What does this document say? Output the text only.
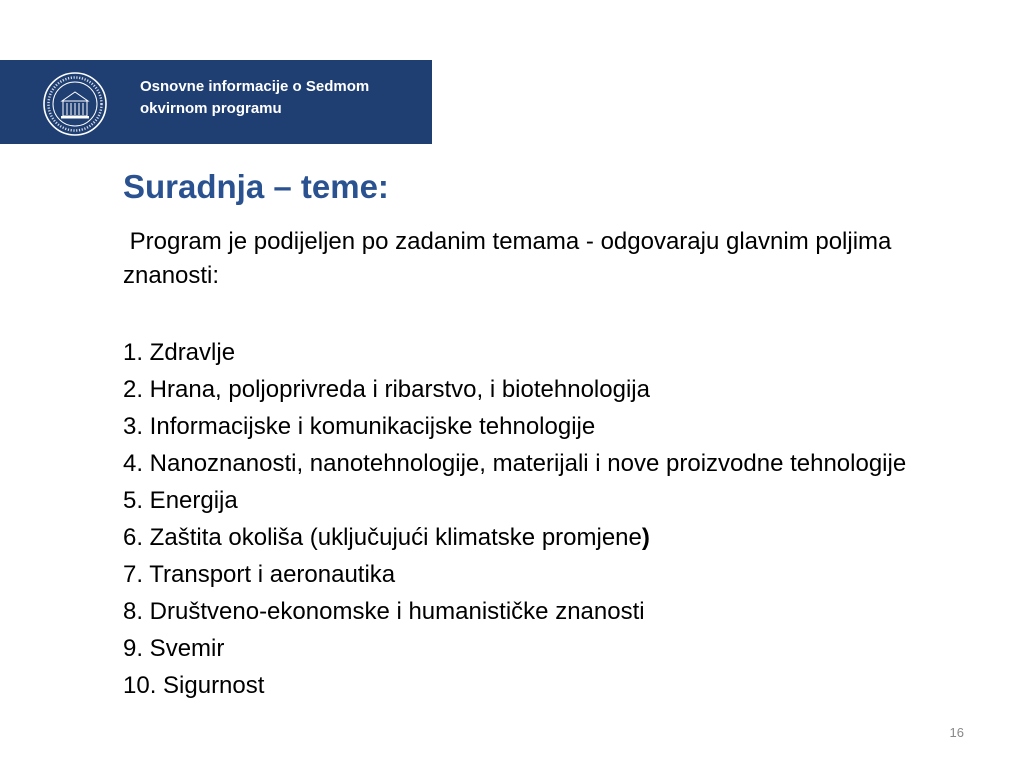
Osnovne informacije o Sedmom okvirnom programu
Suradnja – teme:

Program je podijeljen po zadanim temama - odgovaraju glavnim poljima znanosti:

1. Zdravlje
2. Hrana, poljoprivreda i ribarstvo, i biotehnologija
3. Informacijske i komunikacijske tehnologije
4. Nanoznanosti, nanotehnologije, materijali i nove proizvodne tehnologije
5. Energija
6. Zaštita okoliša (uključujući klimatske promjene)
7. Transport i aeronautika
8. Društveno-ekonomske i humanističke znanosti
9. Svemir
10. Sigurnost
16
